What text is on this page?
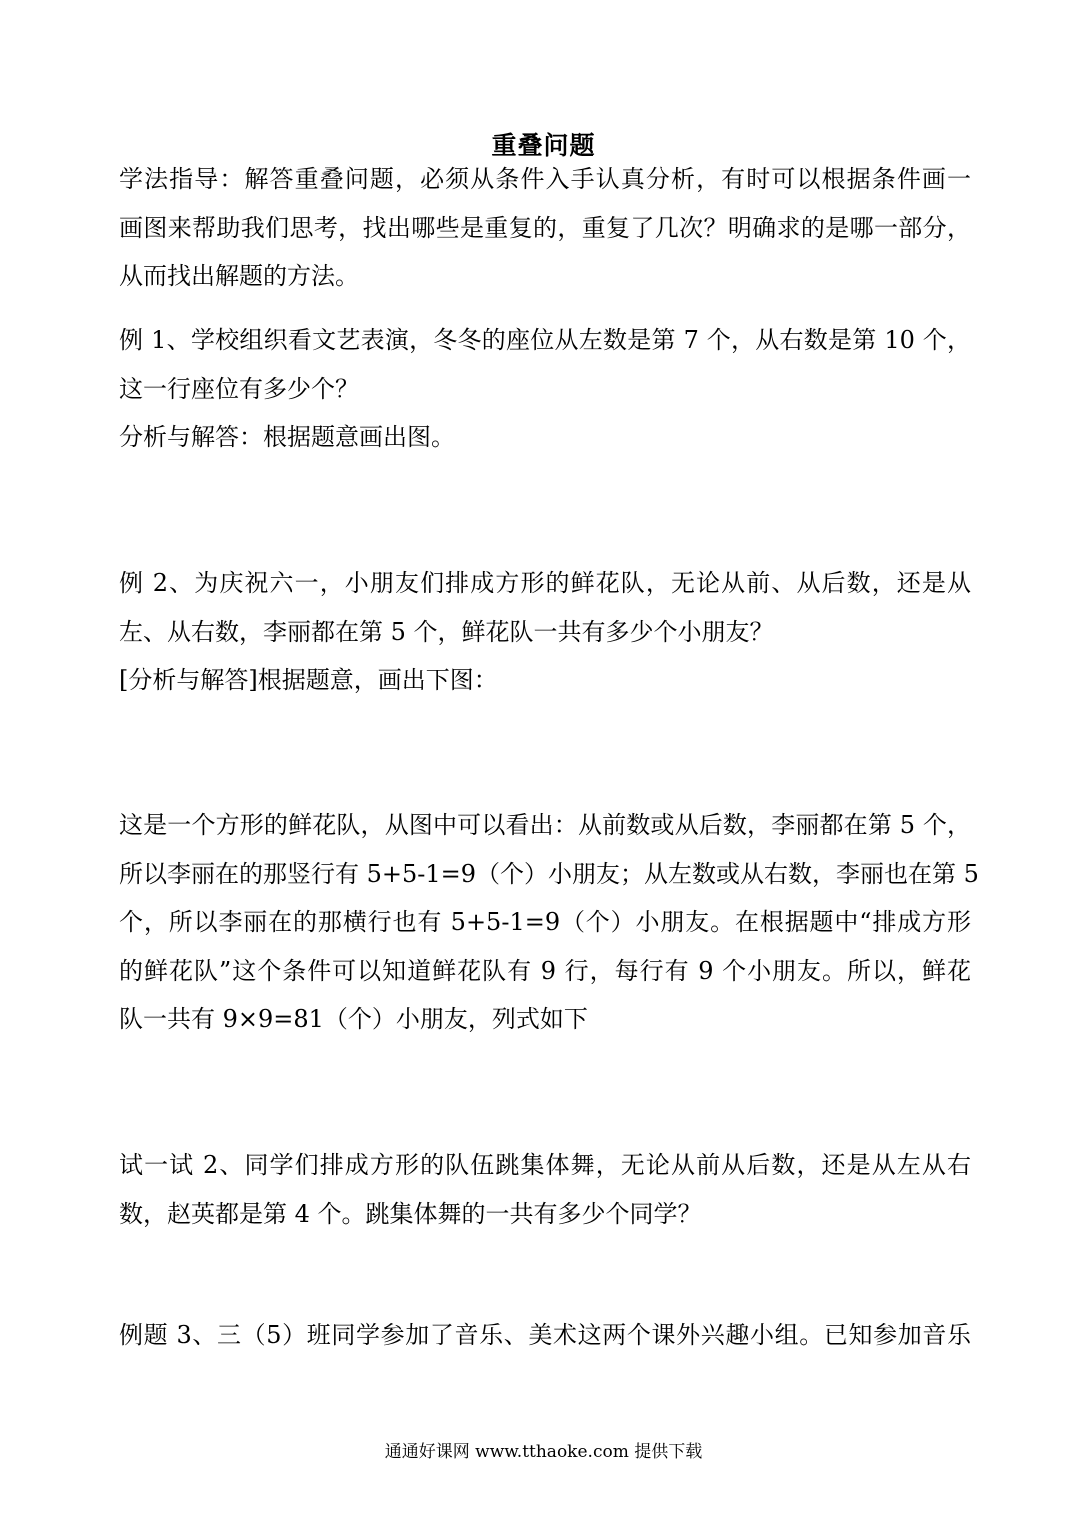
重叠问题
学法指导：解答重叠问题，必须从条件入手认真分析，有时可以根据条件画一
画图来帮助我们思考，找出哪些是重复的，重复了几次？明确求的是哪一部分，
从而找出解题的方法。
例 1、学校组织看文艺表演，冬冬的座位从左数是第 7 个，从右数是第 10 个，
这一行座位有多少个？
分析与解答：根据题意画出图。
例 2、为庆祝六一，小朋友们排成方形的鲜花队，无论从前、从后数，还是从
左、从右数，李丽都在第 5 个，鲜花队一共有多少个小朋友？
[分析与解答]根据题意，画出下图：
这是一个方形的鲜花队，从图中可以看出：从前数或从后数，李丽都在第 5 个，
所以李丽在的那竖行有 5+5-1=9（个）小朋友；从左数或从右数，李丽也在第 5
个，所以李丽在的那横行也有 5+5-1=9（个）小朋友。在根据题中“排成方形
的鲜花队”这个条件可以知道鲜花队有 9 行，每行有 9 个小朋友。所以，鲜花
队一共有 9×9=81（个）小朋友，列式如下
试一试 2、同学们排成方形的队伍跳集体舞，无论从前从后数，还是从左从右
数，赵英都是第 4 个。跳集体舞的一共有多少个同学？
例题 3、三（5）班同学参加了音乐、美术这两个课外兴趣小组。已知参加音乐
通通好课网 www.tthaoke.com 提供下载
